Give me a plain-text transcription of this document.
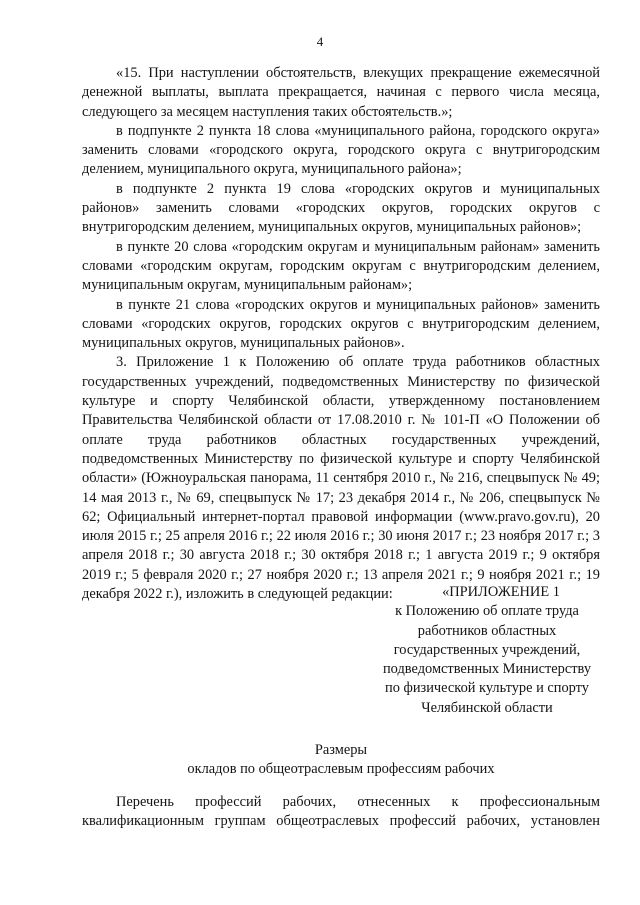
4

«15. При наступлении обстоятельств, влекущих прекращение ежемесячной денежной выплаты, выплата прекращается, начиная с первого числа месяца, следующего за месяцем наступления таких обстоятельств.»;

в подпункте 2 пункта 18 слова «муниципального района, городского округа» заменить словами «городского округа, городского округа с внутригородским делением, муниципального округа, муниципального района»;

в подпункте 2 пункта 19 слова «городских округов и муниципальных районов» заменить словами «городских округов, городских округов с внутригородским делением, муниципальных округов, муниципальных районов»;

в пункте 20 слова «городским округам и муниципальным районам» заменить словами «городским округам, городским округам с внутригородским делением, муниципальным округам, муниципальным районам»;

в пункте 21 слова «городских округов и муниципальных районов» заменить словами «городских округов, городских округов с внутригородским делением, муниципальных округов, муниципальных районов».

3. Приложение 1 к Положению об оплате труда работников областных государственных учреждений, подведомственных Министерству по физической культуре и спорту Челябинской области, утвержденному постановлением Правительства Челябинской области от 17.08.2010 г. № 101-П «О Положении об оплате труда работников областных государственных учреждений, подведомственных Министерству по физической культуре и спорту Челябинской области» (Южноуральская панорама, 11 сентября 2010 г., № 216, спецвыпуск № 49; 14 мая 2013 г., № 69, спецвыпуск № 17; 23 декабря 2014 г., № 206, спецвыпуск № 62; Официальный интернет-портал правовой информации (www.pravo.gov.ru), 20 июля 2015 г.; 25 апреля 2016 г.; 22 июля 2016 г.; 30 июня 2017 г.; 23 ноября 2017 г.; 3 апреля 2018 г.; 30 августа 2018 г.; 30 октября 2018 г.; 1 августа 2019 г.; 9 октября 2019 г.; 5 февраля 2020 г.; 27 ноября 2020 г.; 13 апреля 2021 г.; 9 ноября 2021 г.; 19 декабря 2022 г.), изложить в следующей редакции:	«ПРИЛОЖЕНИЕ 1
к Положению об оплате труда
работников областных
государственных учреждений,
подведомственных Министерству
по физической культуре и спорту
Челябинской области
Размеры
окладов по общеотраслевым профессиям рабочих

Перечень профессий рабочих, отнесенных к профессиональным квалификационным группам общеотраслевых профессий рабочих, установлен
